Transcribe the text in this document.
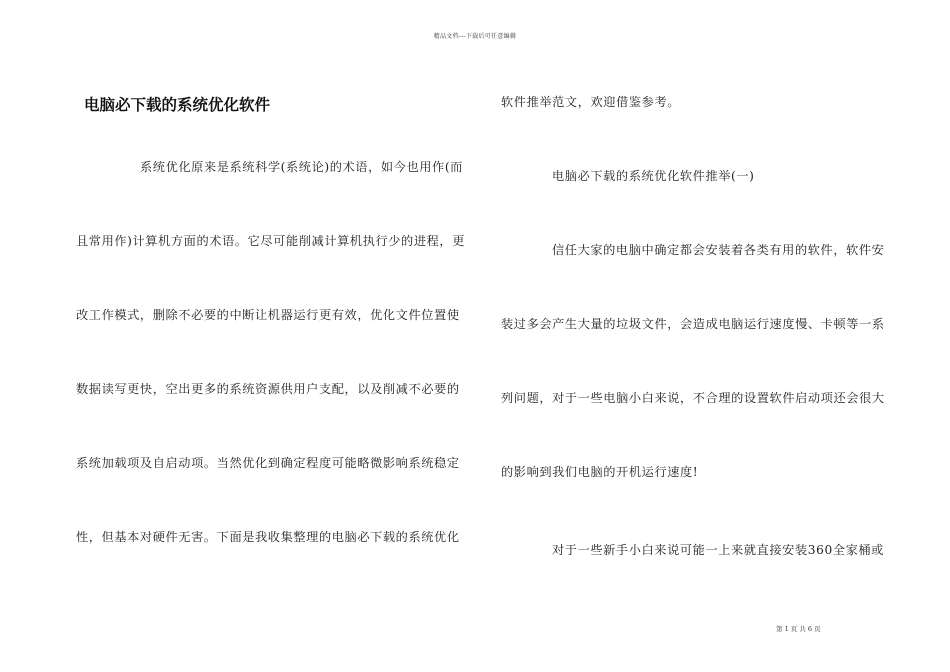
精品文档---下载后可任意编辑
电脑必下载的系统优化软件
系统优化原来是系统科学(系统论)的术语，如今也用作(而
且常用作)计算机方面的术语。它尽可能削减计算机执行少的进程，更
改工作模式，删除不必要的中断让机器运行更有效，优化文件位置使
数据读写更快，空出更多的系统资源供用户支配，以及削减不必要的
系统加载项及自启动项。当然优化到确定程度可能略微影响系统稳定
性，但基本对硬件无害。下面是我收集整理的电脑必下载的系统优化
软件推举范文，欢迎借鉴参考。
电脑必下载的系统优化软件推举(一)
信任大家的电脑中确定都会安装着各类有用的软件，软件安
装过多会产生大量的垃圾文件，会造成电脑运行速度慢、卡顿等一系
列问题，对于一些电脑小白来说，不合理的设置软件启动项还会很大
的影响到我们电脑的开机运行速度!
对于一些新手小白来说可能一上来就直接安装360全家桶或
第 1 页 共 6 页
